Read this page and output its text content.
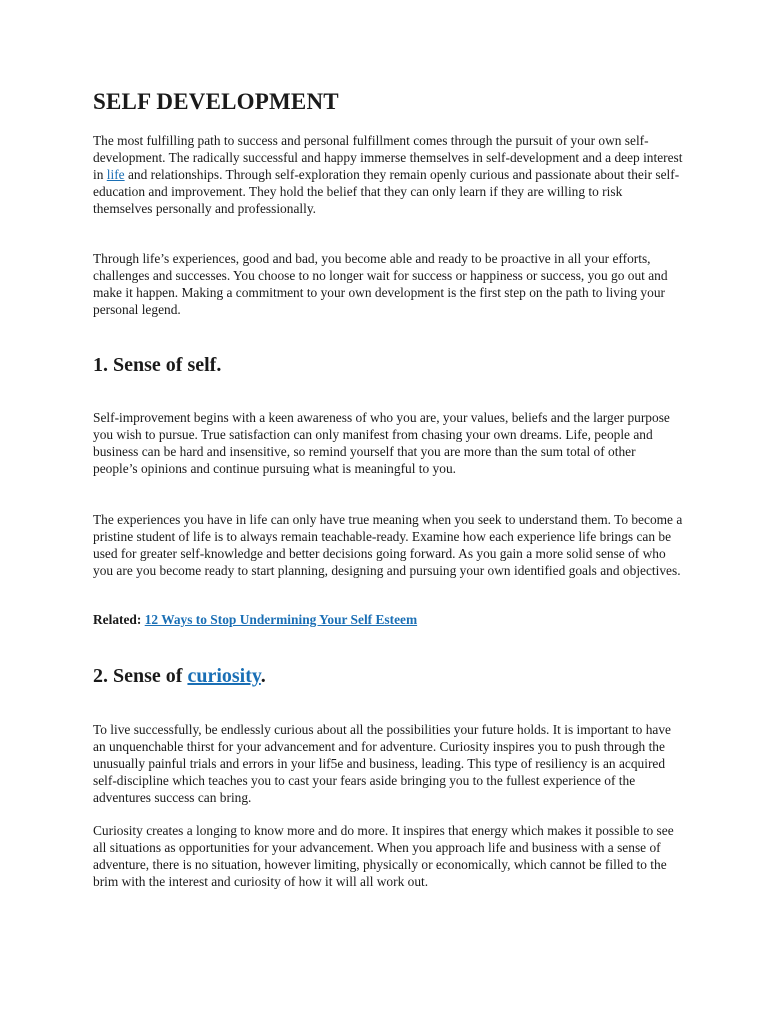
SELF DEVELOPMENT

The most fulfilling path to success and personal fulfillment comes through the pursuit of your own self-development. The radically successful and happy immerse themselves in self-development and a deep interest in life and relationships. Through self-exploration they remain openly curious and passionate about their self-education and improvement. They hold the belief that they can only learn if they are willing to risk themselves personally and professionally.

Through life’s experiences, good and bad, you become able and ready to be proactive in all your efforts, challenges and successes. You choose to no longer wait for success or happiness or success, you go out and make it happen. Making a commitment to your own development is the first step on the path to living your personal legend.

1. Sense of self.

Self-improvement begins with a keen awareness of who you are, your values, beliefs and the larger purpose you wish to pursue. True satisfaction can only manifest from chasing your own dreams. Life, people and business can be hard and insensitive, so remind yourself that you are more than the sum total of other people’s opinions and continue pursuing what is meaningful to you.

The experiences you have in life can only have true meaning when you seek to understand them. To become a pristine student of life is to always remain teachable-ready. Examine how each experience life brings can be used for greater self-knowledge and better decisions going forward. As you gain a more solid sense of who you are you become ready to start planning, designing and pursuing your own identified goals and objectives.

Related: 12 Ways to Stop Undermining Your Self Esteem

2. Sense of curiosity.

To live successfully, be endlessly curious about all the possibilities your future holds. It is important to have an unquenchable thirst for your advancement and for adventure. Curiosity inspires you to push through the unusually painful trials and errors in your lif5e and business, leading. This type of resiliency is an acquired self-discipline which teaches you to cast your fears aside bringing you to the fullest experience of the adventures success can bring.

Curiosity creates a longing to know more and do more. It inspires that energy which makes it possible to see all situations as opportunities for your advancement. When you approach life and business with a sense of adventure, there is no situation, however limiting, physically or economically, which cannot be filled to the brim with the interest and curiosity of how it will all work out.
